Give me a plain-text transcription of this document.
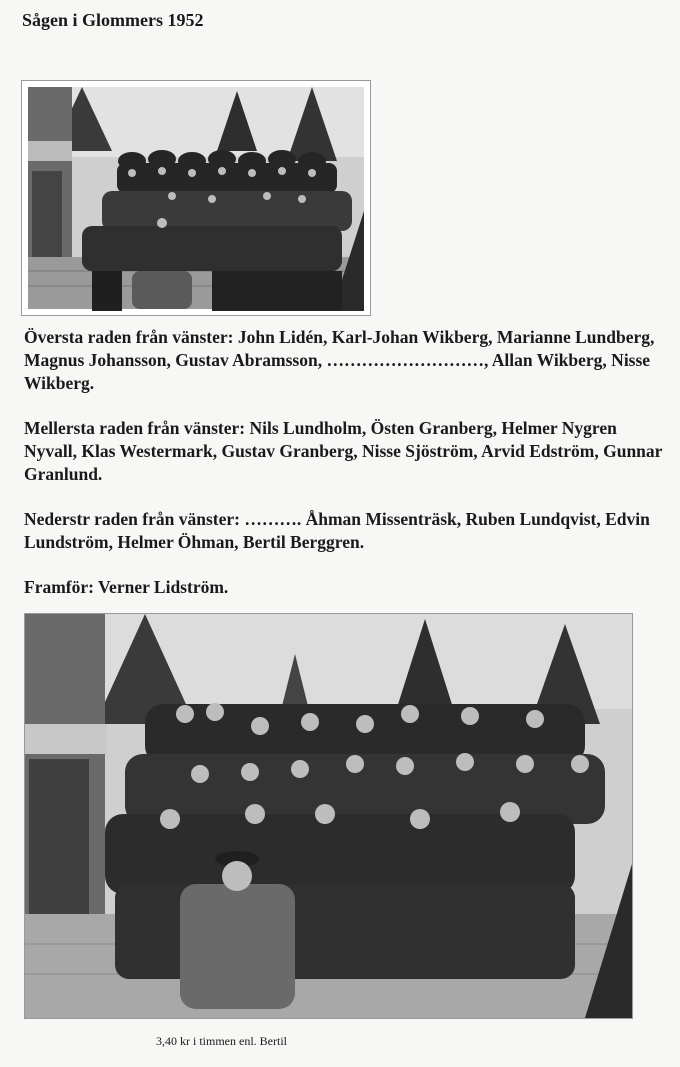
Sågen i Glommers 1952

Översta raden från vänster: John Lidén, Karl-Johan Wikberg, Marianne Lundberg, Magnus Johansson, Gustav Abramsson, ………………………, Allan Wikberg, Nisse Wikberg.

Mellersta raden från vänster: Nils Lundholm, Östen Granberg, Helmer Nygren Nyvall, Klas Westermark, Gustav Granberg, Nisse Sjöström, Arvid Edström, Gunnar Granlund.

Nederstr raden från vänster: ………. Åhman Missenträsk, Ruben Lundqvist, Edvin Lundström, Helmer Öhman, Bertil Berggren.

Framför: Verner Lidström.

3,40 kr i timmen enl. Bertil
